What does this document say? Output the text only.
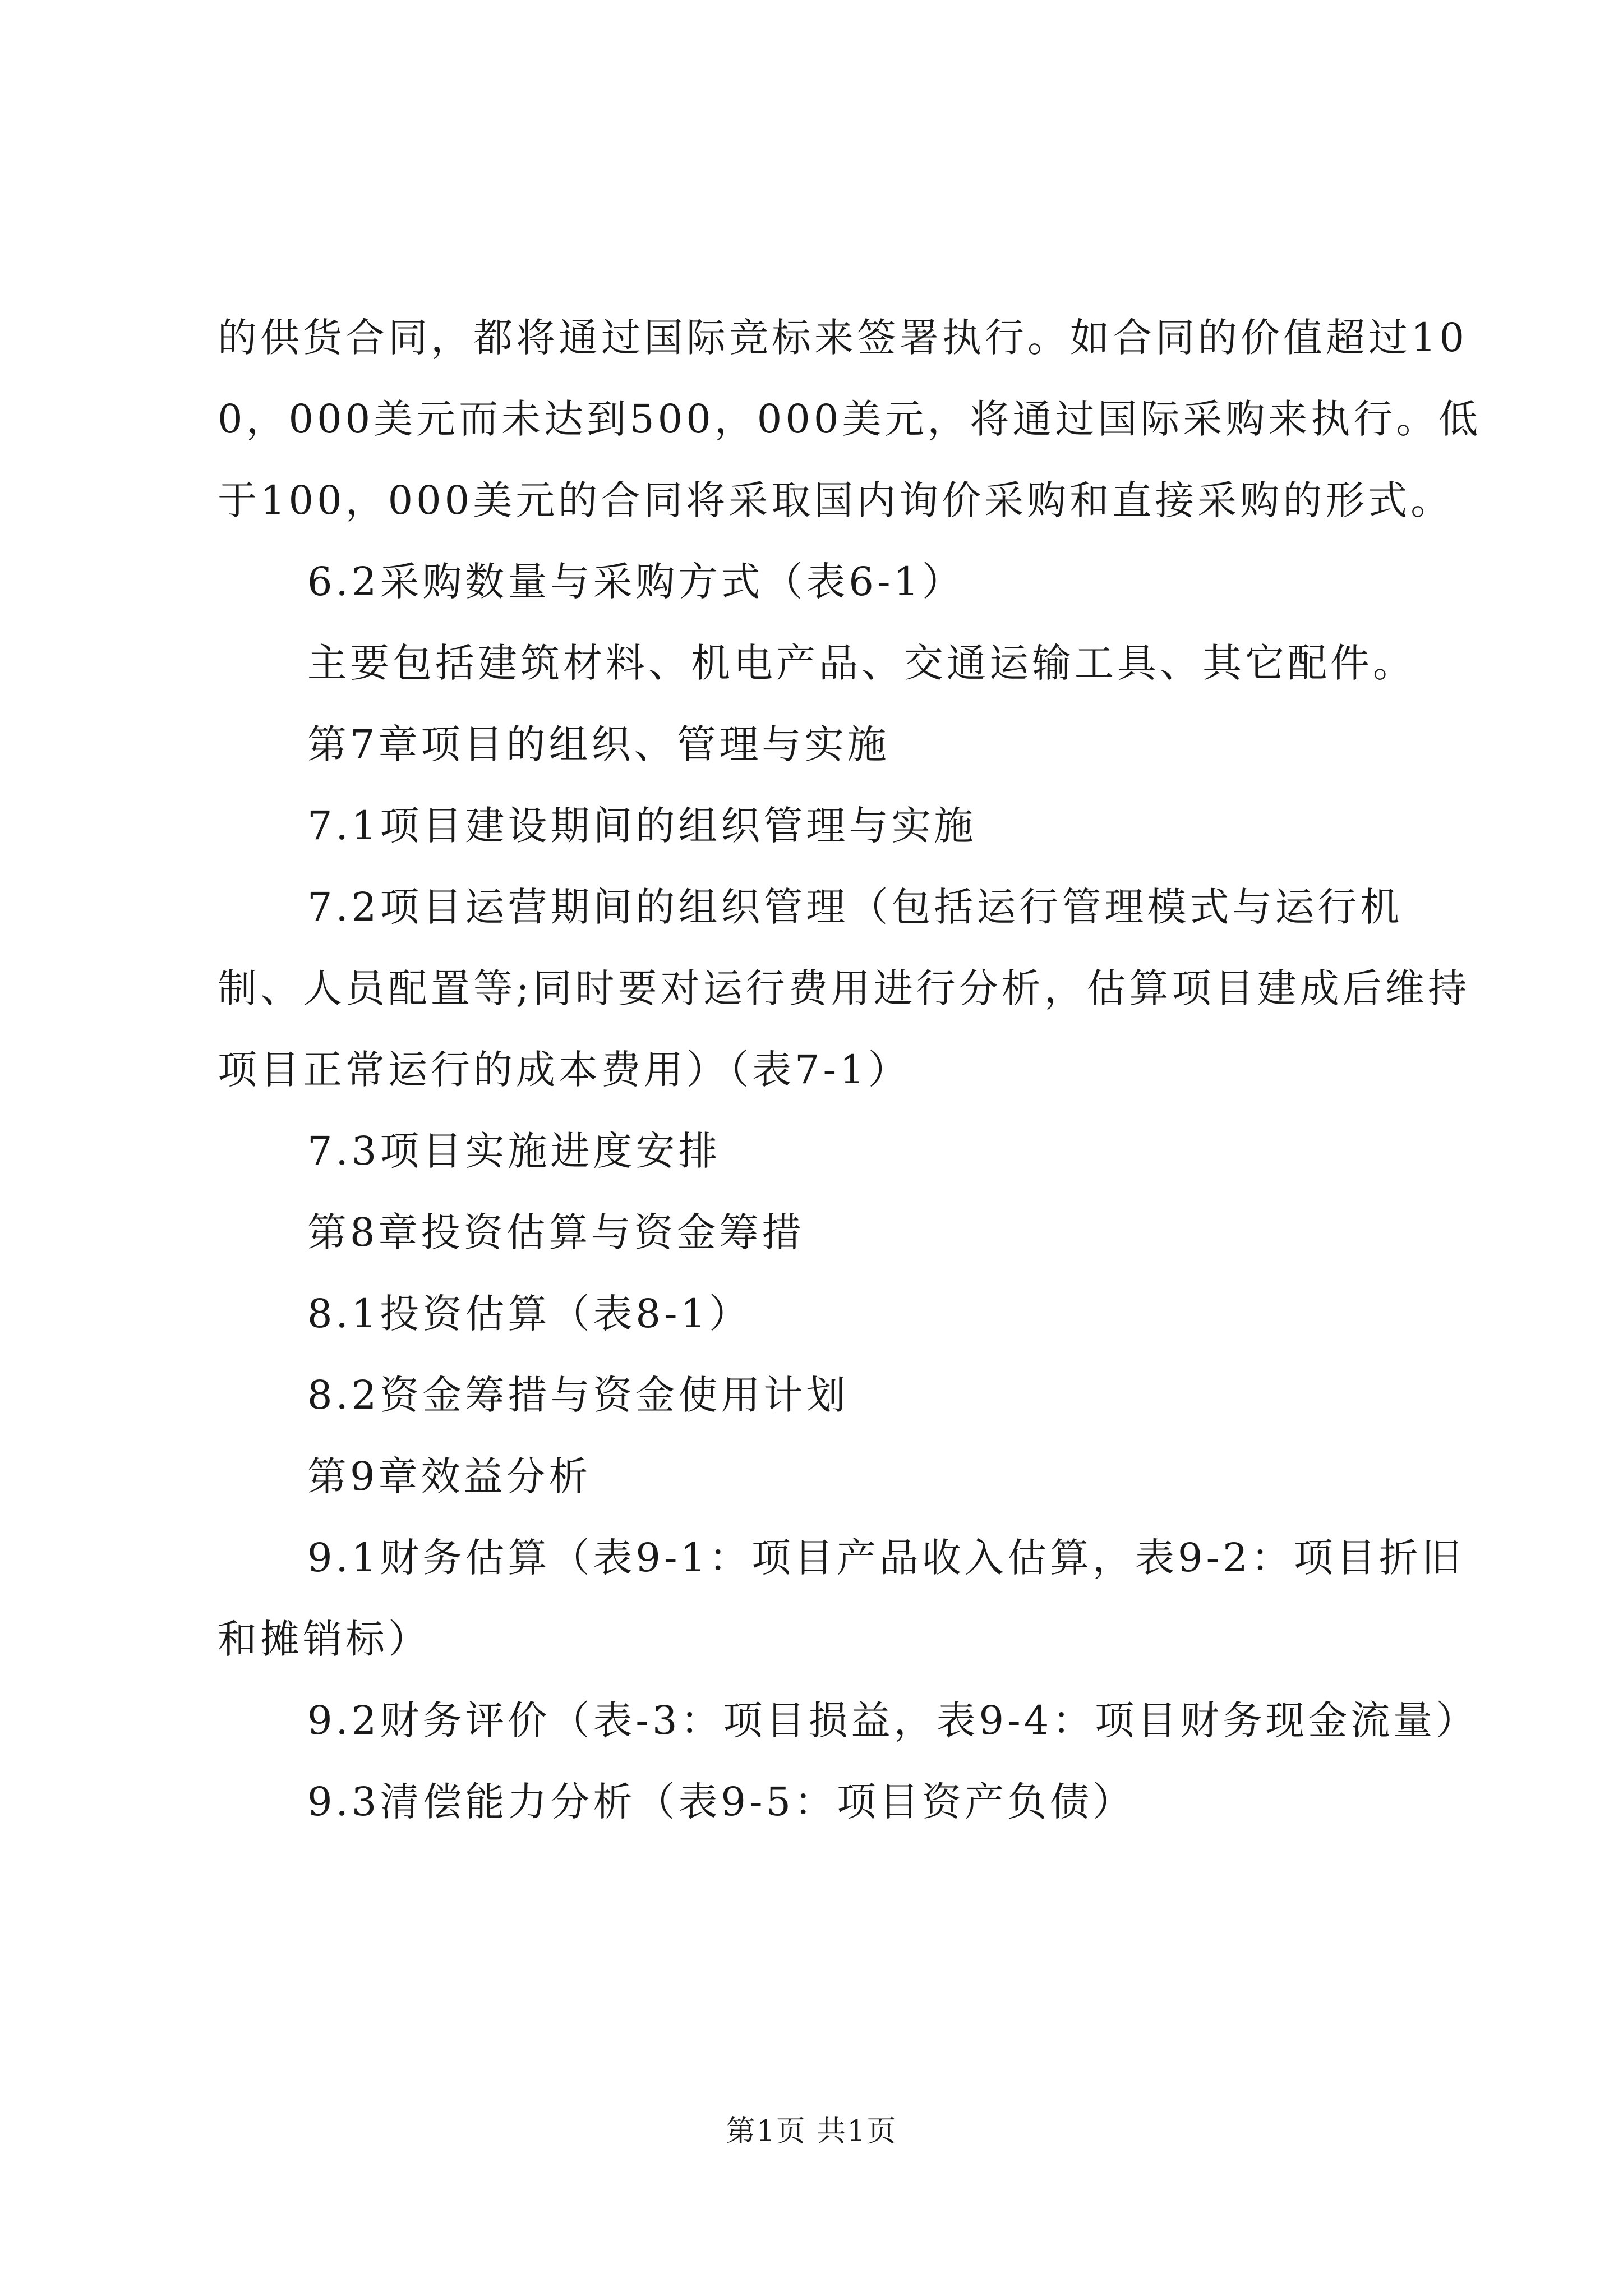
的供货合同，都将通过国际竞标来签署执行。如合同的价值超过100，000美元而未达到500，000美元，将通过国际采购来执行。低于100，000美元的合同将采取国内询价采购和直接采购的形式。

6.2采购数量与采购方式（表6-1）

主要包括建筑材料、机电产品、交通运输工具、其它配件。

第7章项目的组织、管理与实施

7.1项目建设期间的组织管理与实施

7.2项目运营期间的组织管理（包括运行管理模式与运行机制、人员配置等;同时要对运行费用进行分析，估算项目建成后维持项目正常运行的成本费用）（表7-1）

7.3项目实施进度安排

第8章投资估算与资金筹措

8.1投资估算（表8-1）

8.2资金筹措与资金使用计划

第9章效益分析

9.1财务估算（表9-1：项目产品收入估算，表9-2：项目折旧和摊销标）

9.2财务评价（表-3：项目损益，表9-4：项目财务现金流量）

9.3清偿能力分析（表9-5：项目资产负债）

第1页 共1页
